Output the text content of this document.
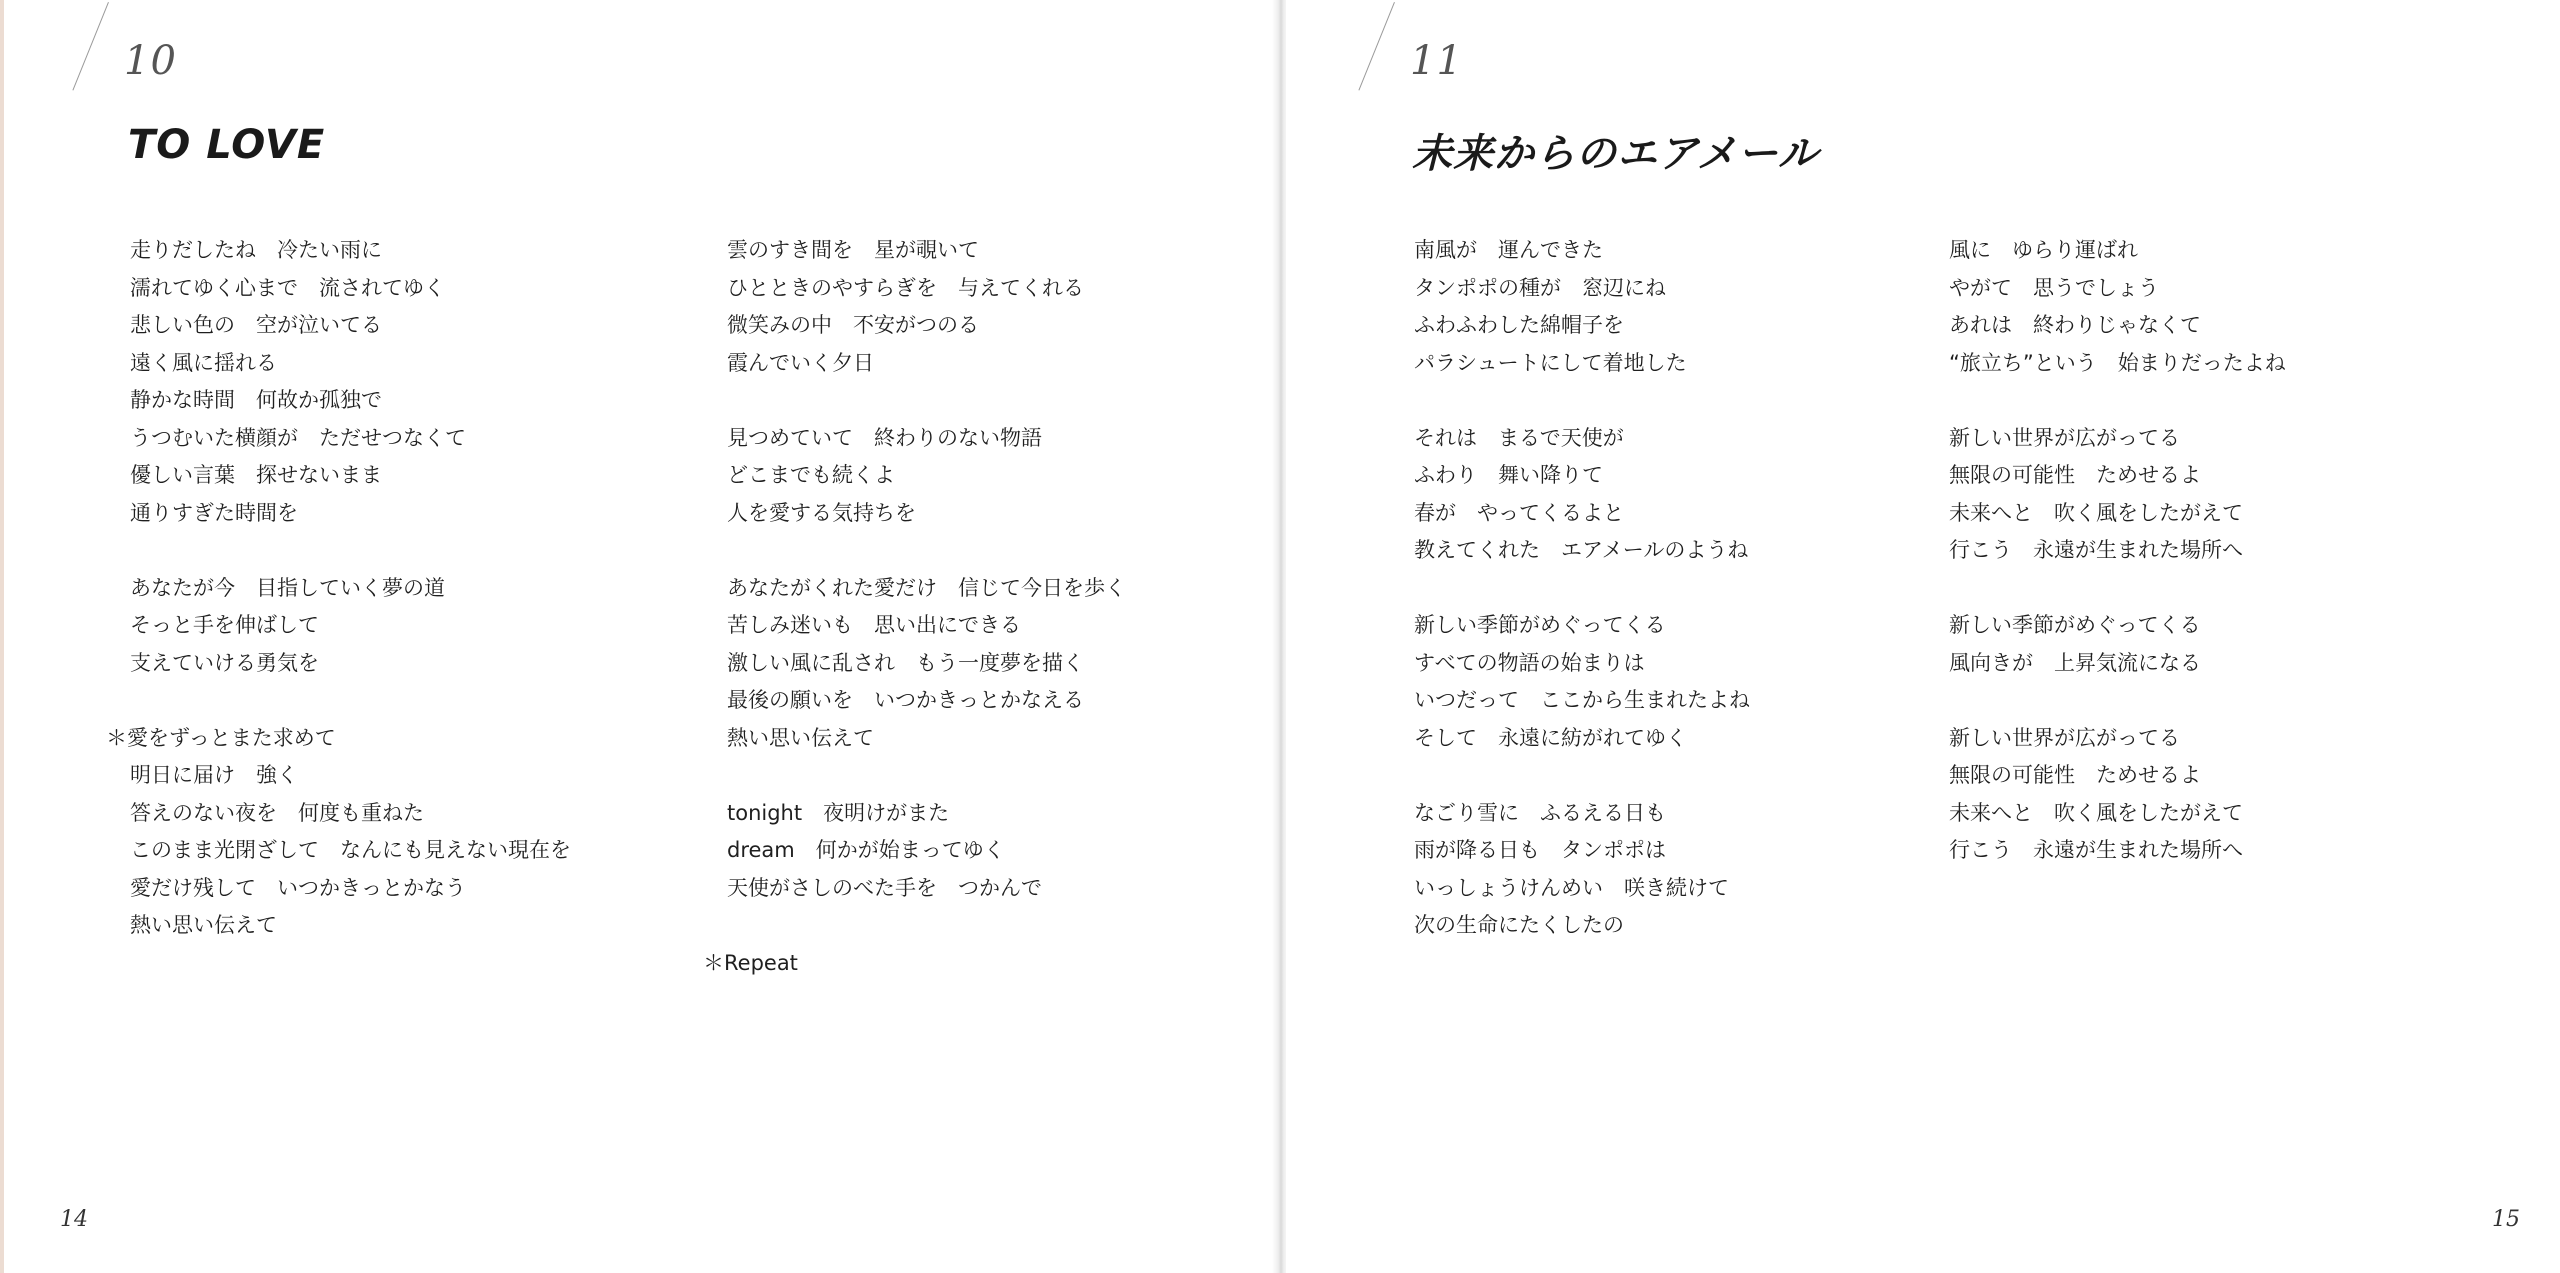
10
TO LOVE
走りだしたね　冷たい雨に
濡れてゆく心まで　流されてゆく
悲しい色の　空が泣いてる
遠く風に揺れる
静かな時間　何故か孤独で
うつむいた横顔が　ただせつなくて
優しい言葉　探せないまま
通りすぎた時間を
あなたが今　目指していく夢の道
そっと手を伸ばして
支えていける勇気を
＊愛をずっとまた求めて
明日に届け　強く
答えのない夜を　何度も重ねた
このまま光閉ざして　なんにも見えない現在を
愛だけ残して　いつかきっとかなう
熱い思い伝えて
雲のすき間を　星が覗いて
ひとときのやすらぎを　与えてくれる
微笑みの中　不安がつのる
霞んでいく夕日
見つめていて　終わりのない物語
どこまでも続くよ
人を愛する気持ちを
あなたがくれた愛だけ　信じて今日を歩く
苦しみ迷いも　思い出にできる
激しい風に乱され　もう一度夢を描く
最後の願いを　いつかきっとかなえる
熱い思い伝えて
tonight　夜明けがまた
dream　何かが始まってゆく
天使がさしのべた手を　つかんで
＊Repeat
14
11
未来からのエアメール
南風が　運んできた
タンポポの種が　窓辺にね
ふわふわした綿帽子を
パラシュートにして着地した
それは　まるで天使が
ふわり　舞い降りて
春が　やってくるよと
教えてくれた　エアメールのようね
新しい季節がめぐってくる
すべての物語の始まりは
いつだって　ここから生まれたよね
そして　永遠に紡がれてゆく
なごり雪に　ふるえる日も
雨が降る日も　タンポポは
いっしょうけんめい　咲き続けて
次の生命にたくしたの
風に　ゆらり運ばれ
やがて　思うでしょう
あれは　終わりじゃなくて
“旅立ち”という　始まりだったよね
新しい世界が広がってる
無限の可能性　ためせるよ
未来へと　吹く風をしたがえて
行こう　永遠が生まれた場所へ
新しい季節がめぐってくる
風向きが　上昇気流になる
新しい世界が広がってる
無限の可能性　ためせるよ
未来へと　吹く風をしたがえて
行こう　永遠が生まれた場所へ
15
